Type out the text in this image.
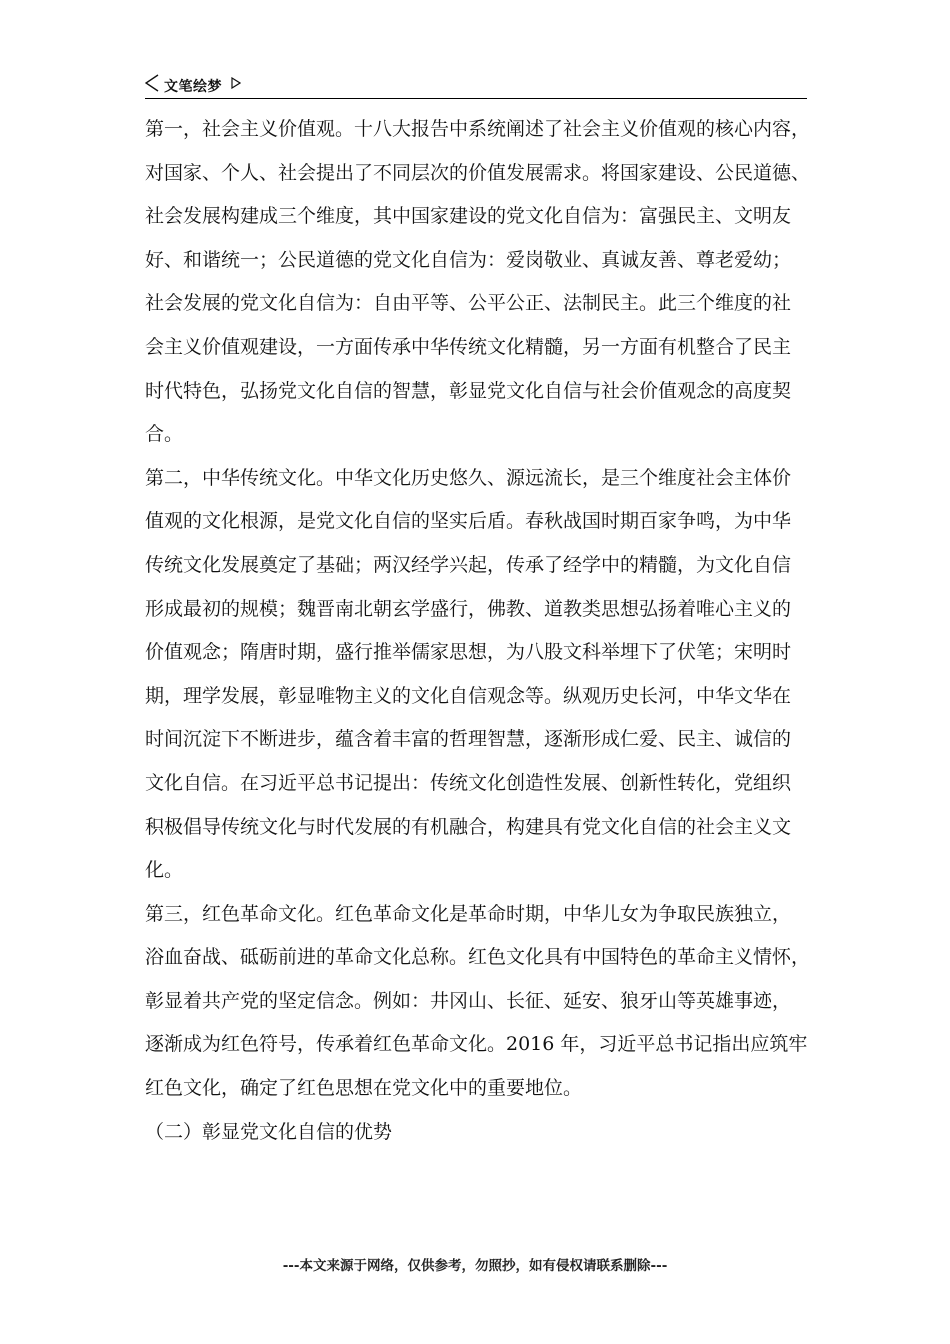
文笔绘梦
第一，社会主义价值观。十八大报告中系统阐述了社会主义价值观的核心内容，
对国家、个人、社会提出了不同层次的价值发展需求。将国家建设、公民道德、
社会发展构建成三个维度，其中国家建设的党文化自信为：富强民主、文明友
好、和谐统一；公民道德的党文化自信为：爱岗敬业、真诚友善、尊老爱幼；
社会发展的党文化自信为：自由平等、公平公正、法制民主。此三个维度的社
会主义价值观建设，一方面传承中华传统文化精髓，另一方面有机整合了民主
时代特色，弘扬党文化自信的智慧，彰显党文化自信与社会价值观念的高度契
合。
第二，中华传统文化。中华文化历史悠久、源远流长，是三个维度社会主体价
值观的文化根源，是党文化自信的坚实后盾。春秋战国时期百家争鸣，为中华
传统文化发展奠定了基础；两汉经学兴起，传承了经学中的精髓，为文化自信
形成最初的规模；魏晋南北朝玄学盛行，佛教、道教类思想弘扬着唯心主义的
价值观念；隋唐时期，盛行推举儒家思想，为八股文科举埋下了伏笔；宋明时
期，理学发展，彰显唯物主义的文化自信观念等。纵观历史长河，中华文华在
时间沉淀下不断进步，蕴含着丰富的哲理智慧，逐渐形成仁爱、民主、诚信的
文化自信。在习近平总书记提出：传统文化创造性发展、创新性转化，党组织
积极倡导传统文化与时代发展的有机融合，构建具有党文化自信的社会主义文
化。
第三，红色革命文化。红色革命文化是革命时期，中华儿女为争取民族独立，
浴血奋战、砥砺前进的革命文化总称。红色文化具有中国特色的革命主义情怀，
彰显着共产党的坚定信念。例如：井冈山、长征、延安、狼牙山等英雄事迹，
逐渐成为红色符号，传承着红色革命文化。2016 年，习近平总书记指出应筑牢
红色文化，确定了红色思想在党文化中的重要地位。
（二）彰显党文化自信的优势
---本文来源于网络，仅供参考，勿照抄，如有侵权请联系删除---
